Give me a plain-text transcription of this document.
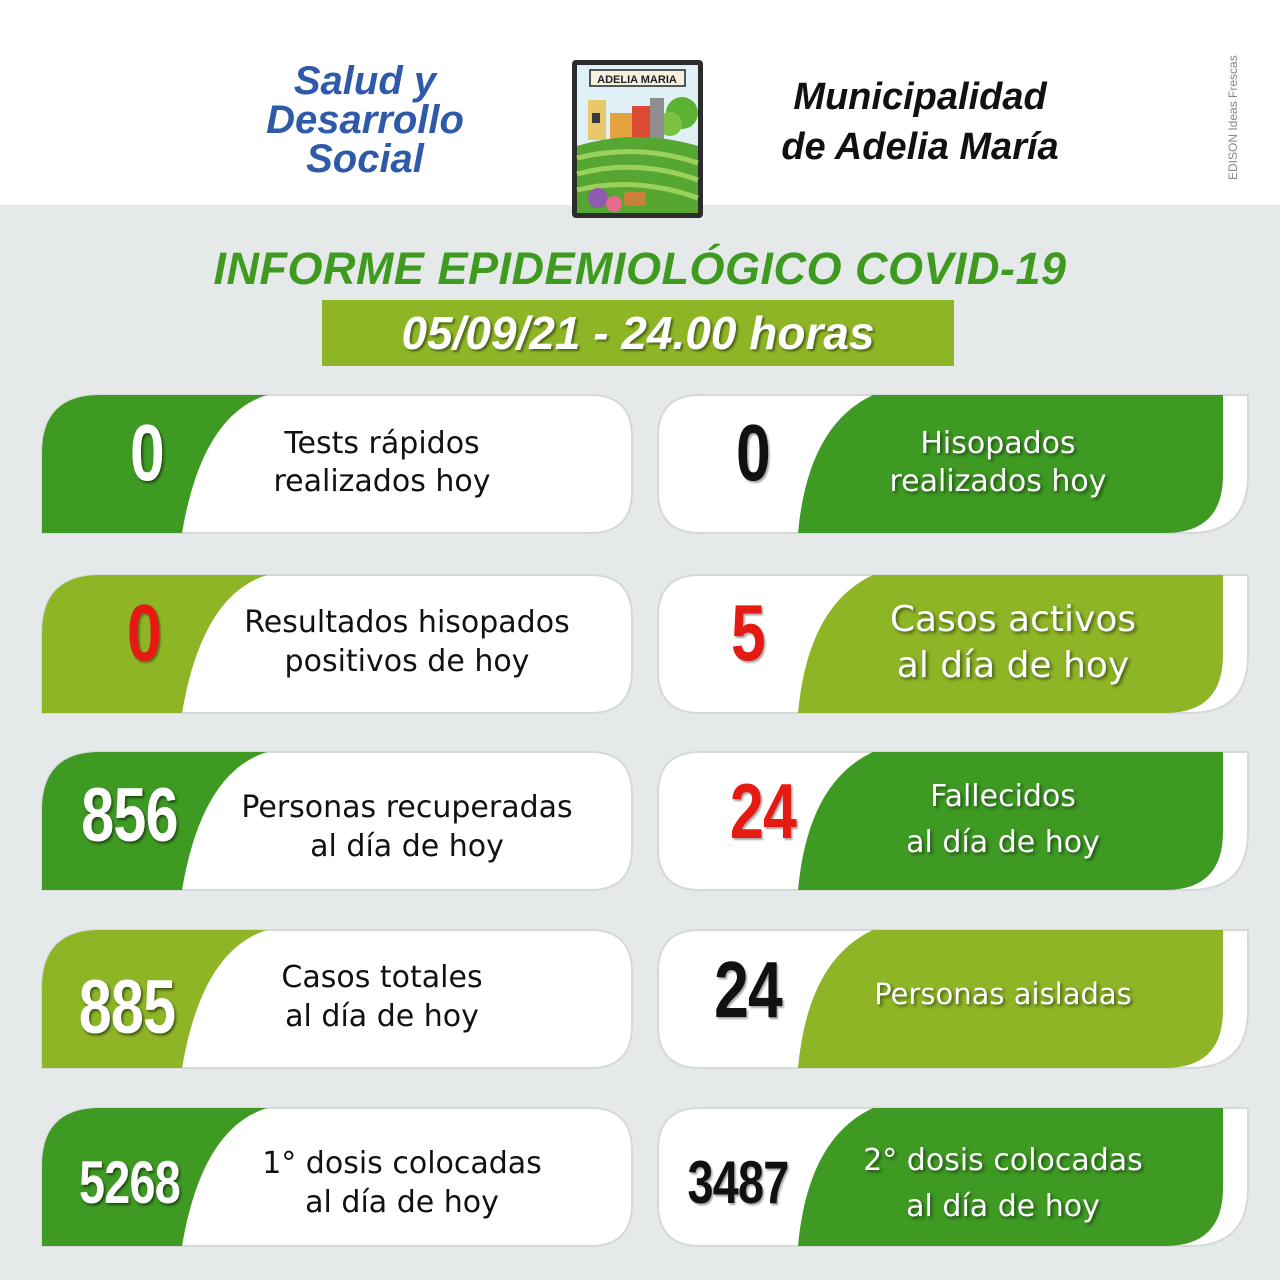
Salud y
Desarrollo
Social
ADELIA MARIA	Municipalidad
de Adelia María	EDISON Ideas Frescas
INFORME EPIDEMIOLÓGICO COVID-19
05/09/21 - 24.00 horas
0	Tests rápidos
realizados hoy	0	Hisopados
realizados hoy
0	Resultados hisopados
positivos de hoy	5	Casos activos
al día de hoy
856	Personas recuperadas
al día de hoy	24	Fallecidos
al día de hoy
885	Casos totales
al día de hoy	24	Personas aisladas
5268	1° dosis colocadas
al día de hoy	3487	2° dosis colocadas
al día de hoy
